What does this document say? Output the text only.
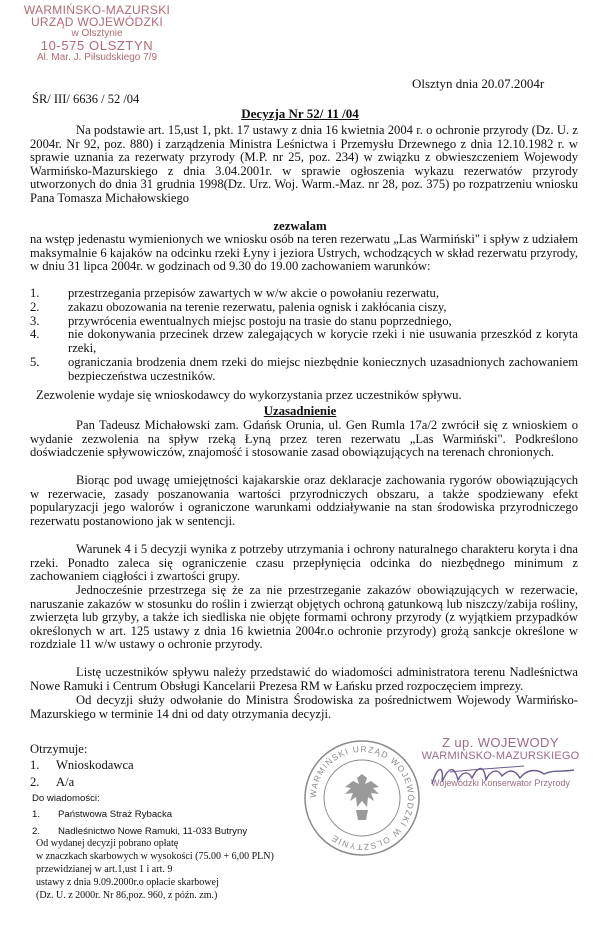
WARMIŃSKO-MAZURSKI
URZĄD WOJEWÓDZKI
w Olsztynie
10-575 OLSZTYN
Al. Mar. J. Piłsudskiego 7/9
Olsztyn dnia 20.07.2004r
ŚR/ III/ 6636 / 52 /04
Decyzja Nr 52/ 11 /04
Na podstawie art. 15,ust 1, pkt. 17 ustawy z dnia 16 kwietnia 2004 r. o ochronie przyrody (Dz. U. z 2004r. Nr 92, poz. 880) i zarządzenia Ministra Leśnictwa i Przemysłu Drzewnego z dnia 12.10.1982 r. w sprawie uznania za rezerwaty przyrody (M.P. nr 25, poz. 234) w związku z obwieszczeniem Wojewody Warmińsko-Mazurskiego z dnia 3.04.2001r. w sprawie ogłoszenia wykazu rezerwatów przyrody utworzonych do dnia 31 grudnia 1998(Dz. Urz. Woj. Warm.-Maz. nr 28, poz. 375) po rozpatrzeniu wniosku Pana Tomasza Michałowskiego
zezwalam
na wstęp jedenastu wymienionych we wniosku osób na teren rezerwatu „Las Warmiński" i spływ z udziałem maksymalnie 6 kajaków na odcinku rzeki Łyny i jeziora Ustrych, wchodzących w skład rezerwatu przyrody, w dniu 31 lipca 2004r. w godzinach od 9.30 do 19.00 zachowaniem warunków:
1. przestrzegania przepisów zawartych w w/w akcie o powołaniu rezerwatu,
2. zakazu obozowania na terenie rezerwatu, palenia ognisk i zakłócania ciszy,
3. przywrócenia ewentualnych miejsc postoju na trasie do stanu poprzedniego,
4. nie dokonywania przecinek drzew zalegających w korycie rzeki i nie usuwania przeszkód z koryta rzeki,
5. ograniczania brodzenia dnem rzeki do miejsc niezbędnie koniecznych uzasadnionych zachowaniem bezpieczeństwa uczestników.
Zezwolenie wydaje się wnioskodawcy do wykorzystania przez uczestników spływu.
Uzasadnienie
Pan Tadeusz Michałowski zam. Gdańsk Orunia, ul. Gen Rumla 17a/2 zwrócił się z wnioskiem o wydanie zezwolenia na spływ rzeką Łyną przez teren rezerwatu „Las Warmiński". Podkreślono doświadczenie spływowiczów, znajomość i stosowanie zasad obowiązujących na terenach chronionych.
Biorąc pod uwagę umiejętności kajakarskie oraz deklaracje zachowania rygorów obowiązujących w rezerwacie, zasady poszanowania wartości przyrodniczych obszaru, a także spodziewany efekt popularyzacji jego walorów i ograniczone warunkami oddziaływanie na stan środowiska przyrodniczego rezerwatu postanowiono jak w sentencji.
Warunek 4 i 5 decyzji wynika z potrzeby utrzymania i ochrony naturalnego charakteru koryta i dna rzeki. Ponadto zaleca się ograniczenie czasu przepłynięcia odcinka do niezbędnego minimum z zachowaniem ciągłości i zwartości grupy.
Jednocześnie przestrzega się że za nie przestrzeganie zakazów obowiązujących w rezerwacie, naruszanie zakazów w stosunku do roślin i zwierząt objętych ochroną gatunkową lub niszczy/zabija rośliny, zwierzęta lub grzyby, a także ich siedliska nie objęte formami ochrony przyrody (z wyjątkiem przypadków określonych w art. 125 ustawy z dnia 16 kwietnia 2004r.o ochronie przyrody) grożą sankcje określone w rozdziale 11 w/w ustawy o ochronie przyrody.
Listę uczestników spływu należy przedstawić do wiadomości administratora terenu Nadleśnictwa Nowe Ramuki i Centrum Obsługi Kancelarii Prezesa RM w Łańsku przed rozpoczęciem imprezy.
Od decyzji służy odwołanie do Ministra Środowiska za pośrednictwem Wojewody Warmińsko-Mazurskiego w terminie 14 dni od daty otrzymania decyzji.
Otrzymuje:
1. Wnioskodawca
2. A/a
Do wiadomości:
1. Państwowa Straż Rybacka
2. Nadleśnictwo Nowe Ramuki, 11-033 Butryny
Od wydanej decyzji pobrano opłatę
w znaczkach skarbowych w wysokości (75.00 + 6,00 PLN)
przewidzianej w art.1,ust 1 i art. 9
ustawy z dnia 9.09.2000r.o opłacie skarbowej
(Dz. U. z 2000r. Nr 86,poz. 960, z późn. zm.)
WARMIŃSKI URZĄD WOJEWÓDZKI W OLSZTYNIE
Z up. WOJEWODY
WARMIŃSKO-MAZURSKIEGO
Wojewódzki Konserwator Przyrody
